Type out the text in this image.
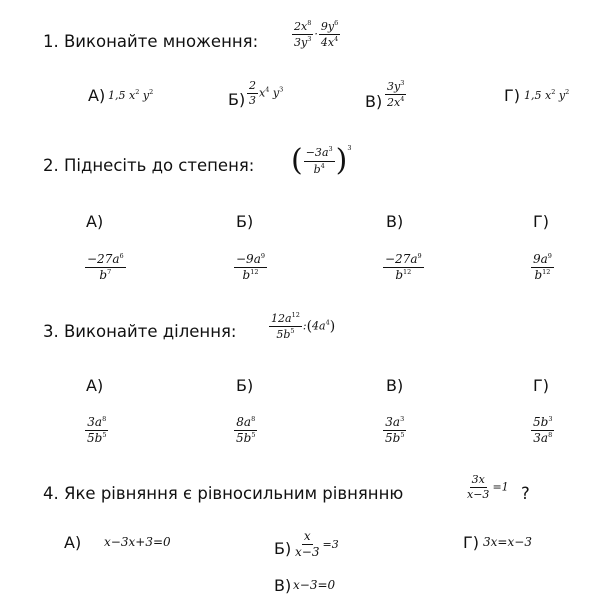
1. Виконайте множення:	$\frac{2x^8}{3y^3} \cdot \frac{9y^6}{4x^4}$
А) 1,5 $x^2$ $y^2$	$Б) \frac{2}{3} x^4$ $y^3$
$В) \frac{3y^3}{2x^4}$	Г) 1,5 $x^2$ $y^2$
2. Піднесіть до степеня: ( $\frac{-3a^3}{b^4} )^3$
А)	Б)	В)	Г)
$\frac{-27a^6}{b^7}$	$\frac{-9a^9}{b^{12}}$	$\frac{-27a^9}{b^{12}}$	$\frac{9a^9}{b^{12}}$
3. Виконайте ділення:	$\frac{12a^{12}}{5b^5}$ $:(4a^4)$
А)	Б)	В)	Г)
$\frac{3a^8}{5b^5}$	$\frac{8a^8}{5b^5}$	$\frac{3a^3}{5b^5}$	$\frac{5b^3}{3a^8}$
4. Яке рівняння є рівносильним рівнянню	$\frac{3x}{x-3} =1$ ?
А) x−3x+3=0	$Б) \frac{x}{x-3} =3$	Г) 3x=x−3
В) x−3=0
